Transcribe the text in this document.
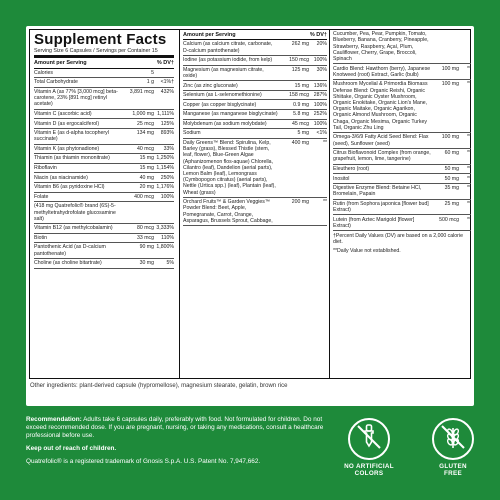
Supplement Facts
Serving Size 6 Capsules / Servings per Container 15
Amount per Serving	% DV†
Calories	5
Total Carbohydrate	1 g	<1%†
Vitamin A (as 77% [3,000 mcg] beta-carotene, 23% [891 mcg] retinyl acetate)
3,891 mcg	432%
Vitamin C (ascorbic acid)	1,000 mg 1,111%
Vitamin D (as ergocalciferol)	25 mcg	125%
Vitamin E (as d-alpha tocopheryl succinate)
134 mg	893%
Vitamin K (as phytonadione)	40 mcg	33%
Thiamin (as thiamin mononitrate)	15 mg 1,250%
Riboflavin	15 mg 1,154%
Niacin (as niacinamide)	40 mg	250%
Vitamin B6 (as pyridoxine HCl)	20 mg 1,176%
Folate	400 mcg	100%
(418 mg Quatrefolic® brand (6S)-5-methyltetrahydrofolate glucosamine salt)
Vitamin B12 (as methylcobalamin)	80 mcg 3,333%
Biotin	33 mcg	110%
Pantothenic Acid (as D-calcium pantothenate)
90 mg 1,800%
Choline (as choline bitartrate)	30 mg	5%
Amount per Serving	% DV†
Calcium (as calcium citrate, carbonate, D-calcium pantothenate)
262 mg	20%
Iodine (as potassium iodide, from kelp)	150 mcg 100%
Magnesium (as magnesium citrate, oxide)
125 mg	30%
Zinc (as zinc gluconate)	15 mg 136%
Selenium (as L-selenomethionine)	158 mcg 287%
Copper (as copper bisglycinate)	0.9 mg 100%
Manganese (as manganese bisglycinate)	5.8 mg 252%
Molybdenum (as sodium molybdate)	45 mcg 100%
Sodium	5 mg	<1%
Daily Greens™ Blend: Spirulina, Kelp, Barley (grass), Blessed Thistle (stem, leaf, flower), Blue-Green Algae (Aphanizomenon flos-aquae) Chlorella, Cilantro (leaf), Dandelion (aerial parts), Lemon Balm (leaf), Lemongrass (Cymbopogon citratus) (aerial parts), Nettle (Urtica spp.) (leaf), Plantain (leaf), Wheat (grass)
400 mg	**
Orchard Fruits™ & Garden Veggies™ Powder Blend: Beet, Apple, Pomegranate, Carrot, Orange, Asparagus, Brussels Sprout, Cabbage,
200 mg	**
Cucumber, Pea, Pear, Pumpkin, Tomato, Blueberry, Banana, Cranberry, Pineapple, Strawberry, Raspberry, Açaí, Plum, Cauliflower, Cherry, Grape, Broccoli, Spinach
Cardio Blend: Hawthorn (berry), Japanese Knotweed (root) Extract, Garlic (bulb)
100 mg	**
Mushroom Mycelial & Primordia Biomass Defense Blend: Organic Reishi, Organic Shiitake, Organic Oyster Mushroom, Organic Enokitake, Organic Lion's Mane, Organic Maitake, Organic Agarikon, Organic Almond Mushroom, Organic Chaga, Organic Mesima, Organic Turkey Tail, Organic Zhu Ling
100 mg	**
Omega-3/6/9 Fatty Acid Seed Blend: Flax (seed), Sunflower (seed)
100 mg	**
Citrus Bioflavonoid Complex (from orange, grapefruit, lemon, lime, tangerine)
60 mg	**
Eleuthero (root)	50 mg	**
Inositol	50 mg	**
Digestive Enzyme Blend: Betaine HCl, Bromelain, Papain
35 mg	**
Rutin (from Sophora japonica [flower bud] Extract)
25 mg	**
Lutein (from Aztec Marigold [flower] Extract)
500 mcg	**
†Percent Daily Values (DV) are based on a 2,000 calorie diet.
**Daily Value not established.
Other ingredients: plant-derived capsule (hypromellose), magnesium stearate, gelatin, brown rice

Recommendation: Adults take 6 capsules daily, preferably with food. Not formulated for children. Do not exceed recommended dose. If you are pregnant, nursing, or taking any medications, consult a healthcare professional before use.

Keep out of reach of children.

Quatrefolic® is a registered trademark of Gnosis S.p.A. U.S. Patent No. 7,947,662.

NO ARTIFICIAL
COLORS
GLUTEN
FREE
